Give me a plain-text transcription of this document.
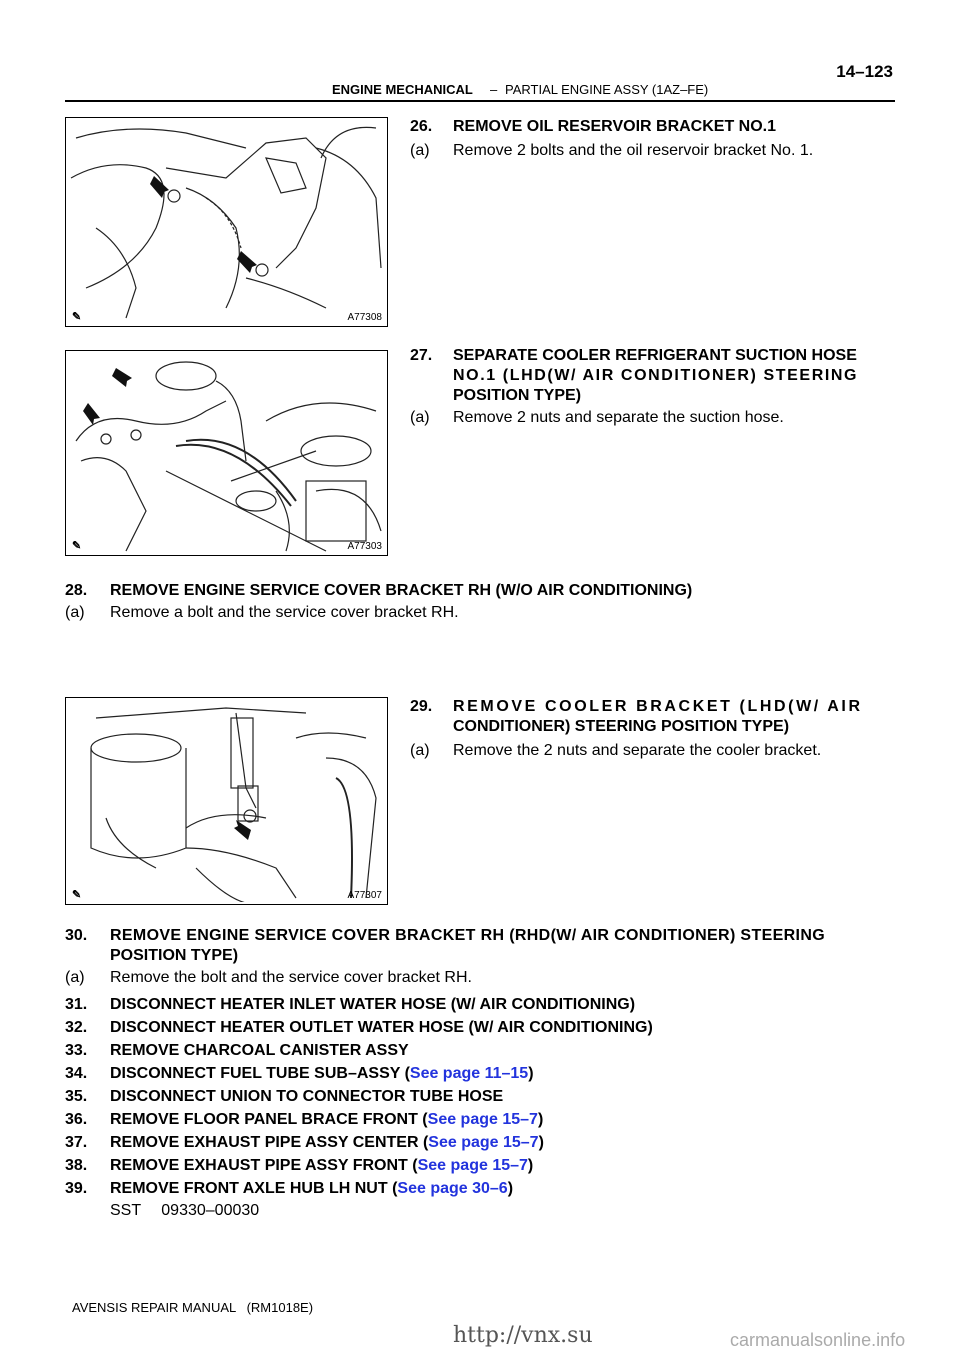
ENGINE MECHANICAL – PARTIAL ENGINE ASSY (1AZ–FE)
14–123
✎	A77308
26. REMOVE OIL RESERVOIR BRACKET NO.1
(a) Remove 2 bolts and the oil reservoir bracket No. 1.
✎	A77303
27. SEPARATE COOLER REFRIGERANT SUCTION HOSE
NO.1 (LHD(W/ AIR CONDITIONER) STEERING
POSITION TYPE)
(a) Remove 2 nuts and separate the suction hose.
28. REMOVE ENGINE SERVICE COVER BRACKET RH (W/O AIR CONDITIONING)
(a) Remove a bolt and the service cover bracket RH.
✎	A77307
29. REMOVE COOLER BRACKET (LHD(W/ AIR
CONDITIONER) STEERING POSITION TYPE)
(a) Remove the 2 nuts and separate the cooler bracket.
30. REMOVE ENGINE SERVICE COVER BRACKET RH (RHD(W/ AIR CONDITIONER) STEERING
POSITION TYPE)
(a) Remove the bolt and the service cover bracket RH.
31. DISCONNECT HEATER INLET WATER HOSE (W/ AIR CONDITIONING)
32. DISCONNECT HEATER OUTLET WATER HOSE (W/ AIR CONDITIONING)
33. REMOVE CHARCOAL CANISTER ASSY
34. DISCONNECT FUEL TUBE SUB–ASSY (See page 11–15)
35. DISCONNECT UNION TO CONNECTOR TUBE HOSE
36. REMOVE FLOOR PANEL BRACE FRONT (See page 15–7)
37. REMOVE EXHAUST PIPE ASSY CENTER (See page 15–7)
38. REMOVE EXHAUST PIPE ASSY FRONT (See page 15–7)
39. REMOVE FRONT AXLE HUB LH NUT (See page 30–6)
SST 09330–00030
AVENSIS REPAIR MANUAL   (RM1018E)
http://vnx.su	carmanualsonline.info
